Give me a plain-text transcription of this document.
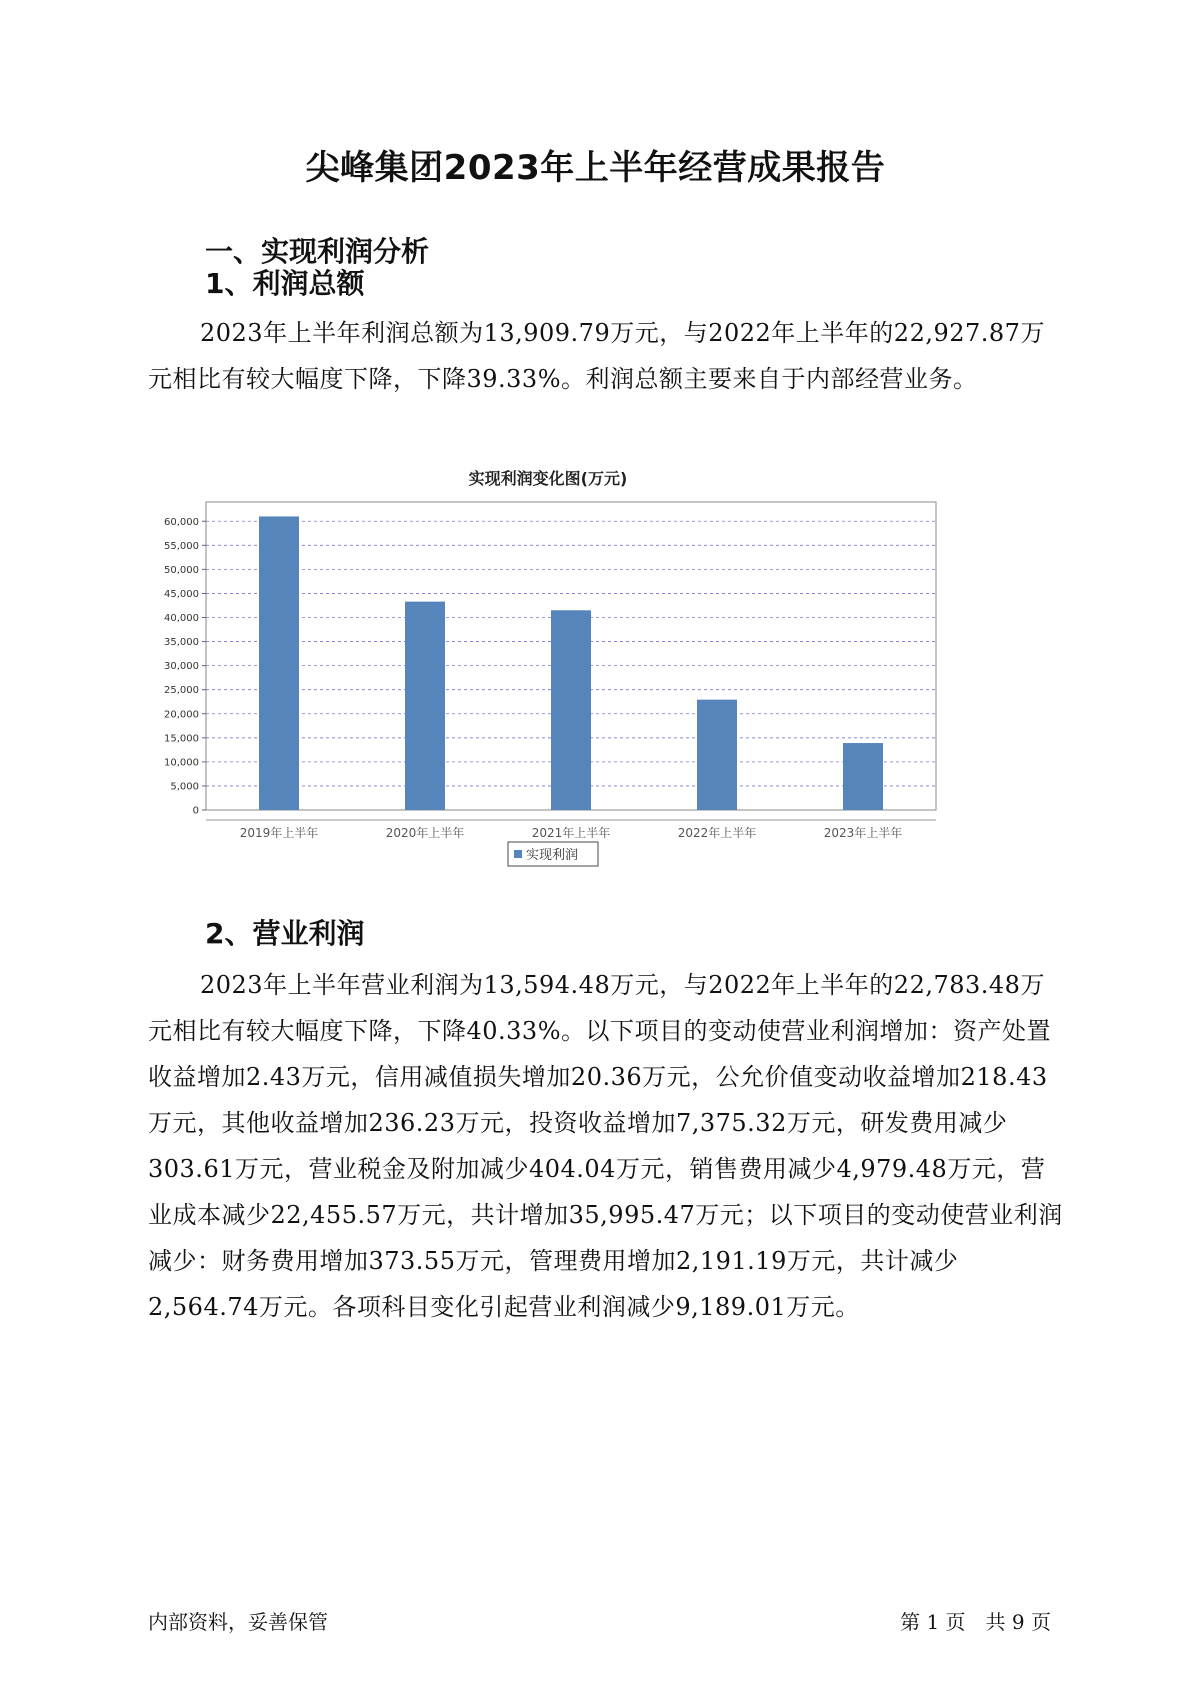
尖峰集团2023年上半年经营成果报告
一、实现利润分析
1、利润总额
2023年上半年利润总额为13,909.79万元，与2022年上半年的22,927.87万元相比有较大幅度下降，下降39.33%。利润总额主要来自于内部经营业务。
实现利润变化图(万元)
0
5,000
10,000
15,000
20,000
25,000
30,000
35,000
40,000
45,000
50,000
55,000
60,000
2019年上半年	2020年上半年	2021年上半年	2022年上半年	2023年上半年
实现利润
2、营业利润
2023年上半年营业利润为13,594.48万元，与2022年上半年的22,783.48万元相比有较大幅度下降，下降40.33%。以下项目的变动使营业利润增加：资产处置收益增加2.43万元，信用减值损失增加20.36万元，公允价值变动收益增加218.43万元，其他收益增加236.23万元，投资收益增加7,375.32万元，研发费用减少303.61万元，营业税金及附加减少404.04万元，销售费用减少4,979.48万元，营业成本减少22,455.57万元，共计增加35,995.47万元；以下项目的变动使营业利润减少：财务费用增加373.55万元，管理费用增加2,191.19万元，共计减少2,564.74万元。各项科目变化引起营业利润减少9,189.01万元。
内部资料，妥善保管	第 1 页　共 9 页
